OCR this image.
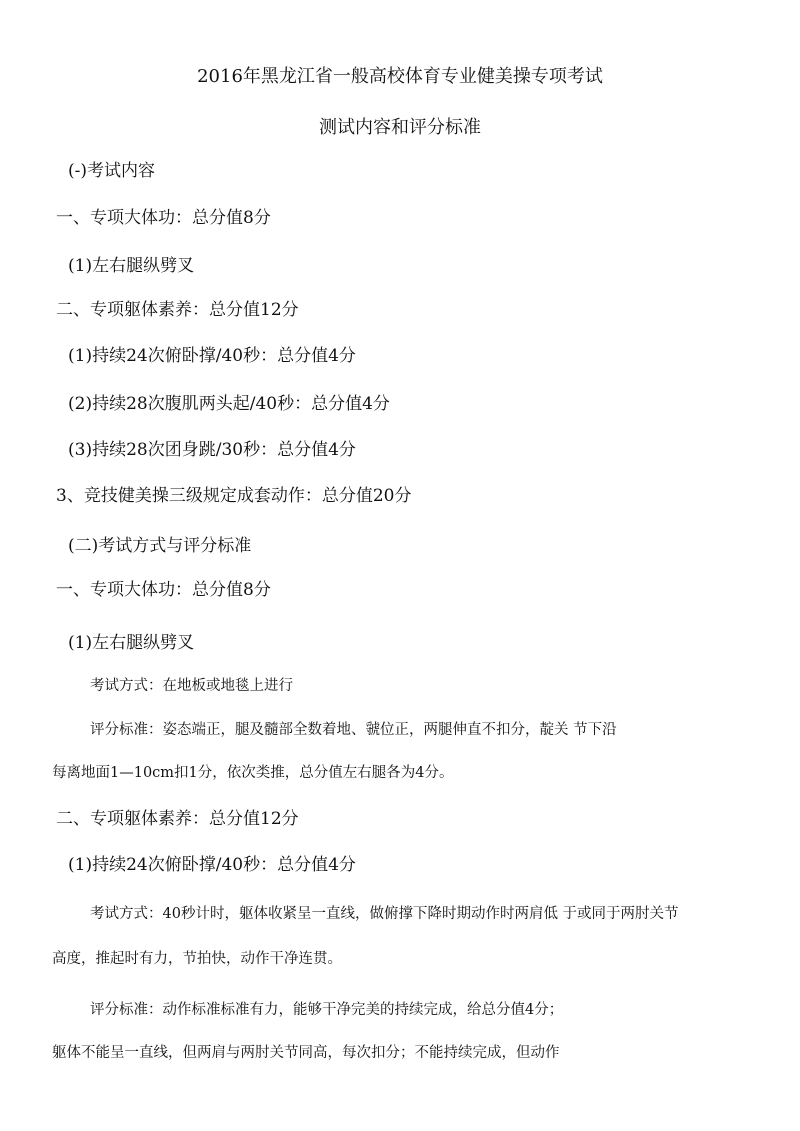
2016年黑龙江省一般高校体育专业健美操专项考试
测试内容和评分标准
(-)考试内容
一、专项大体功：总分值8分
(1)左右腿纵劈叉
二、专项躯体素养：总分值12分
(1)持续24次俯卧撑/40秒：总分值4分
(2)持续28次腹肌两头起/40秒：总分值4分
(3)持续28次团身跳/30秒：总分值4分
3、竞技健美操三级规定成套动作：总分值20分
(二)考试方式与评分标准
一、专项大体功：总分值8分
(1)左右腿纵劈叉
考试方式：在地板或地毯上进行
评分标准：姿态端正，腿及髓部全数着地、虢位正，两腿伸直不扣分，靛关 节下沿
每离地面1—10cm扣1分，依次类推，总分值左右腿各为4分。
二、专项躯体素养：总分值12分
(1)持续24次俯卧撑/40秒：总分值4分
考试方式：40秒计时，躯体收紧呈一直线，做俯撑下降时期动作时两肩低 于或同于两肘关节
高度，推起时有力，节拍快，动作干净连贯。
评分标准：动作标准标准有力，能够干净完美的持续完成，给总分值4分；
躯体不能呈一直线，但两肩与两肘关节同高，每次扣分；不能持续完成，但动作
